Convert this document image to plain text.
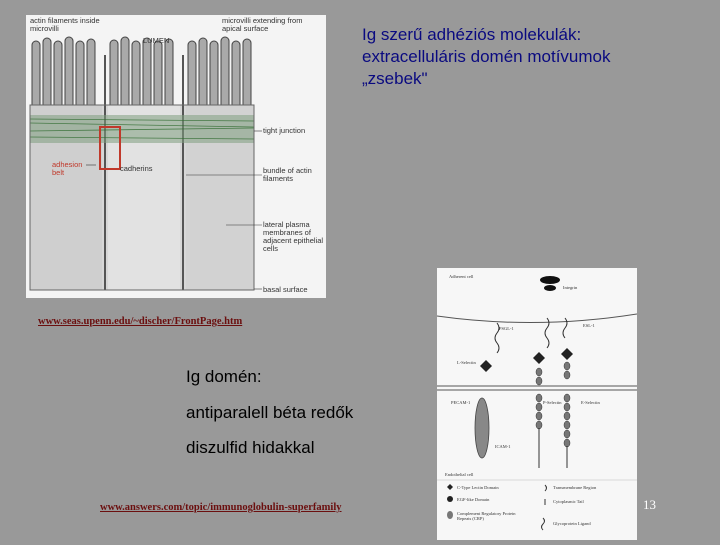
actin filaments inside microvilli
LUMEN
microvilli extending from apical surface
tight junction
adhesion belt	cadherins	bundle of actin filaments
lateral plasma membranes of adjacent epithelial cells
basal surface
Ig szerű adhéziós molekulák:
extracelluláris domén motívumok
„zsebek"
www.seas.upenn.edu/~discher/FrontPage.htm
Ig domén:
antiparalell béta redők
diszulfid hidakkal
Adherent cell
Integrin
PSGL-1
ESL-1
L-Selectin
PECAM-1	P-Selectin	E-Selectin
ICAM-1
Endothelial cell
C-Type Lectin Domain
EGF-like Domain
Complement Regulatory Protein Repeats (CRP)
Transmembrane Region
Cytoplasmic Tail
Glycoprotein Ligand
www.answers.com/topic/immunoglobulin-superfamily	13
